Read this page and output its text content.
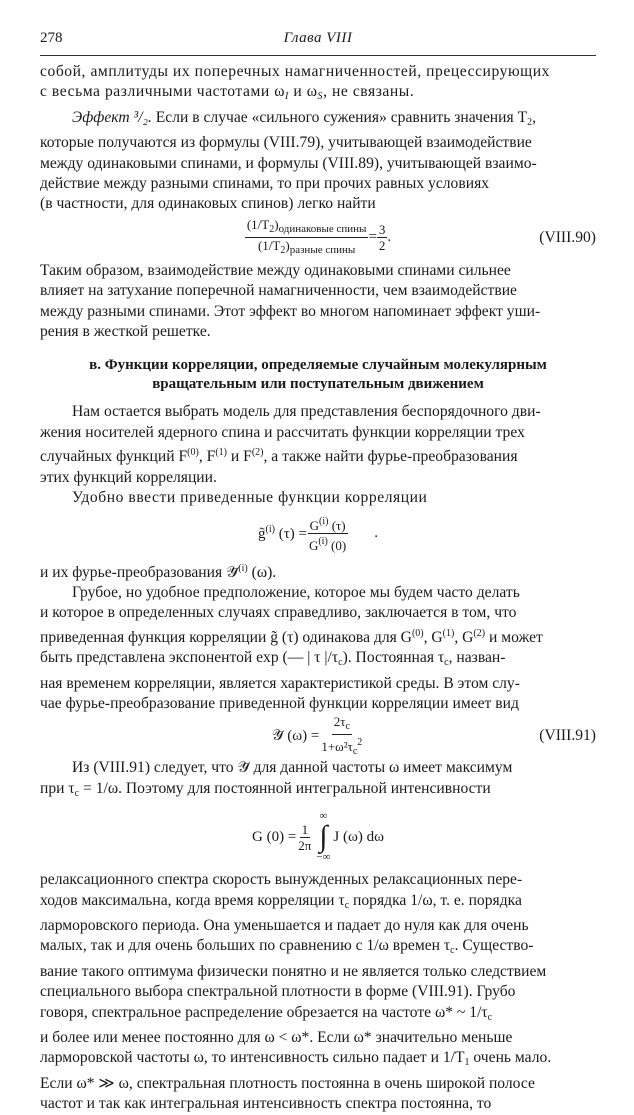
278	Глава VIII

собой, амплитуды их поперечных намагниченностей, прецессирующих

с весьма различными частотами $\omega_I$ и $\omega_S$, не связаны.

Эффект ³/₂. Если в случае «сильного сужения» сравнить значения $T_2$,

которые получаются из формулы (VIII.79), учитывающей взаимодействие

между одинаковыми спинами, и формулы (VIII.89), учитывающей взаимо-

действие между разными спинами, то при прочих равных условиях

(в частности, для одинаковых спинов) легко найти

$\frac{(1/T_2)_{одинаковые спины}}{(1/T_2)_{разные спины}} = \frac{3}{2}$ .	(VIII.90)

Таким образом, взаимодействие между одинаковыми спинами сильнее

влияет на затухание поперечной намагниченности, чем взаимодействие

между разными спинами. Этот эффект во многом напоминает эффект уши-

рения в жесткой решетке.

в. Функции корреляции, определяемые случайным молекулярным
вращательным или поступательным движением

Нам остается выбрать модель для представления беспорядочного дви-

жения носителей ядерного спина и рассчитать функции корреляции трех

случайных функций $F^{(0)}$, $F^{(1)}$ и $F^{(2)}$, а также найти фурье-преобразования

этих функций корреляции.

Удобно ввести приведенные функции корреляции

g̃$^{(i)}$ $(\tau) = \frac{G^{(i)} (\tau)}{G^{(i)} (0)}$ .

и их фурье-преобразования 𝒴̃$^{(i)}$ (ω).

Грубое, но удобное предположение, которое мы будем часто делать

и которое в определенных случаях справедливо, заключается в том, что

приведенная функция корреляции g̃ (τ) одинакова для $G^{(0)}$, $G^{(1)}$, $G^{(2)}$ и может

быть представлена экспонентой exp (— | τ $|/\tau_c$). Постоянная $\tau_c$, назван-

ная временем корреляции, является характеристикой среды. В этом слу-

чае фурье-преобразование приведенной функции корреляции имеет вид

𝒴̃ $(\omega) = \frac{2\tau_c}{1+\omega^2\tau_c^2}$	(VIII.91)

Из (VIII.91) следует, что 𝒴̃ для данной частоты ω имеет максимум

при $\tau_c = 1/\omega$. Поэтому для постоянной интегральной интенсивности

G $(0) = \frac{1}{2\pi}$
∞
∫
−∞
J (ω) dω

релаксационного спектра скорость вынужденных релаксационных пере-

ходов максимальна, когда время корреляции $\tau_c$ порядка 1/ω, т. е. порядка

ларморовского периода. Она уменьшается и падает до нуля как для очень

малых, так и для очень больших по сравнению с 1/ω времен $\tau_c$. Существо-

вание такого оптимума физически понятно и не является только следствием

специального выбора спектральной плотности в форме (VIII.91). Грубо

говоря, спектральное распределение обрезается на частоте ω* ~ $1/\tau_c$

и более или менее постоянно для ω < ω*. Если ω* значительно меньше

ларморовской частоты ω, то интенсивность сильно падает и $1/T_1$ очень мало.

Если ω* ≫ ω, спектральная плотность постоянна в очень широкой полосе

частот и так как интегральная интенсивность спектра постоянна, то
